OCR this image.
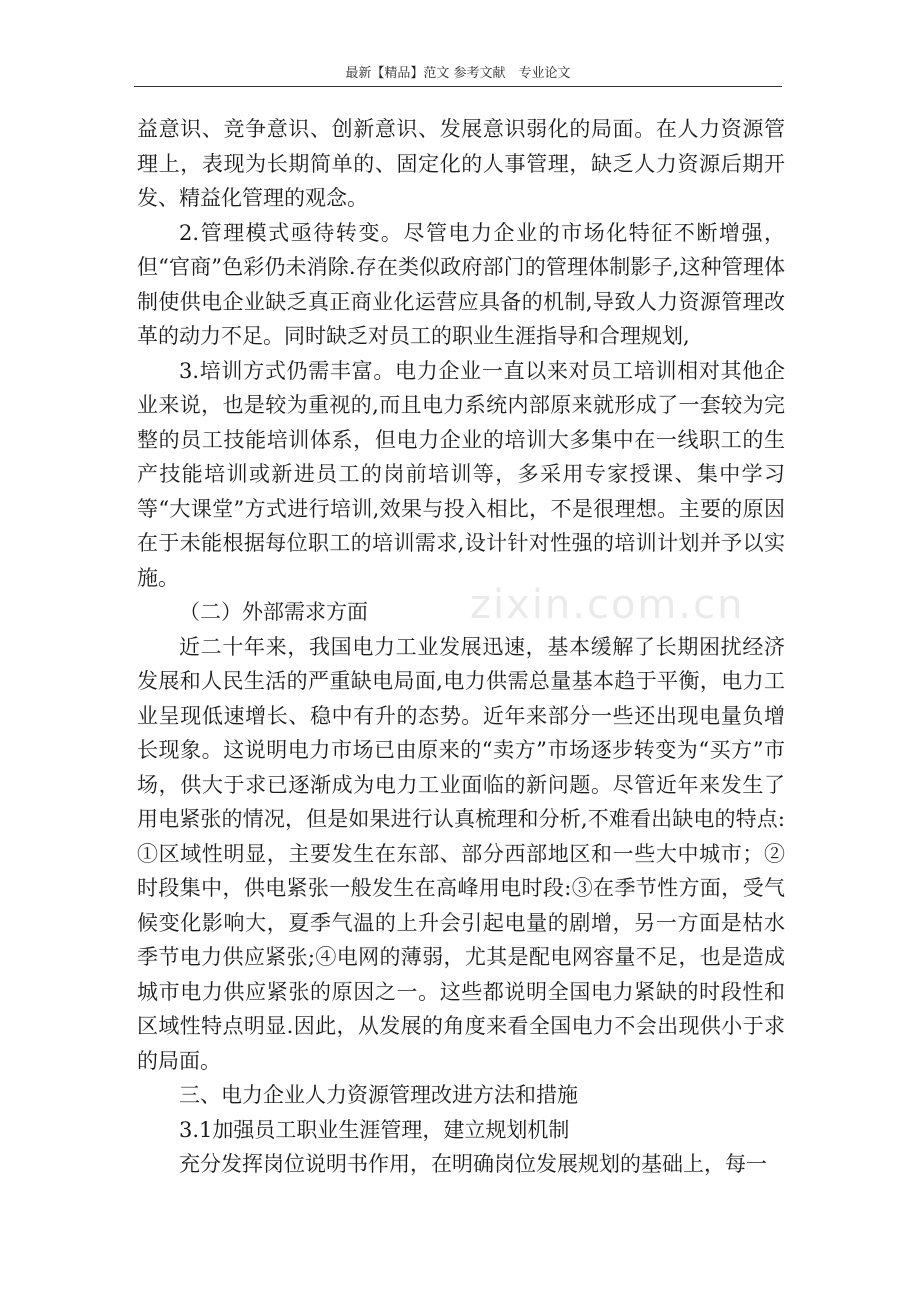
最新【精品】范文 参考文献　专业论文
zixin.com.cn

益意识、竞争意识、创新意识、发展意识弱化的局面。在人力资源管理上，表现为长期简单的、固定化的人事管理，缺乏人力资源后期开发、精益化管理的观念。

2.管理模式亟待转变。尽管电力企业的市场化特征不断增强，但“官商”色彩仍未消除.存在类似政府部门的管理体制影子,这种管理体制使供电企业缺乏真正商业化运营应具备的机制,导致人力资源管理改革的动力不足。同时缺乏对员工的职业生涯指导和合理规划,

3.培训方式仍需丰富。电力企业一直以来对员工培训相对其他企业来说，也是较为重视的,而且电力系统内部原来就形成了一套较为完整的员工技能培训体系，但电力企业的培训大多集中在一线职工的生产技能培训或新进员工的岗前培训等，多采用专家授课、集中学习等“大课堂”方式进行培训,效果与投入相比，不是很理想。主要的原因在于未能根据每位职工的培训需求,设计针对性强的培训计划并予以实施。

（二）外部需求方面

近二十年来，我国电力工业发展迅速，基本缓解了长期困扰经济发展和人民生活的严重缺电局面,电力供需总量基本趋于平衡，电力工业呈现低速增长、稳中有升的态势。近年来部分一些还出现电量负增长现象。这说明电力市场已由原来的“卖方”市场逐步转变为“买方”市场，供大于求已逐渐成为电力工业面临的新问题。尽管近年来发生了用电紧张的情况，但是如果进行认真梳理和分析,不难看出缺电的特点:①区域性明显，主要发生在东部、部分西部地区和一些大中城市；②时段集中，供电紧张一般发生在高峰用电时段:③在季节性方面，受气候变化影响大，夏季气温的上升会引起电量的剧增，另一方面是枯水季节电力供应紧张;④电网的薄弱，尤其是配电网容量不足，也是造成城市电力供应紧张的原因之一。这些都说明全国电力紧缺的时段性和区域性特点明显.因此，从发展的角度来看全国电力不会出现供小于求的局面。

三、电力企业人力资源管理改进方法和措施

3.1加强员工职业生涯管理，建立规划机制

充分发挥岗位说明书作用，在明确岗位发展规划的基础上，每一
